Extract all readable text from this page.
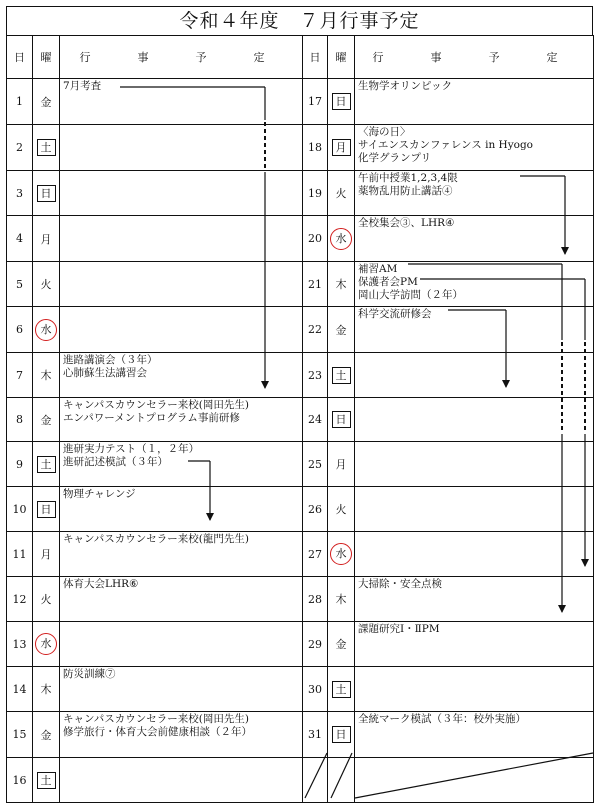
令和４年度　７月行事予定
日	曜	行　事　予　定	日	曜	行　事　予　定
1	金	7月考査	17	日	生物学オリンピック

2	土		18	月	〈海の日〉
サイエンスカンファレンス in Hyogo
化学グランプリ

3	日		19	火	午前中授業1,2,3,4限
薬物乱用防止講話④

4	月		20	水	全校集会③、LHR④

5	火		21	木	補習AM
保護者会PM
岡山大学訪問（２年）

6	水		22	金	科学交流研修会

7	木	進路講演会（３年）
心肺蘇生法講習会	23	土	
8	金	キャンパスカウンセラー来校(岡田先生)
エンパワーメントプログラム事前研修	24	日	
9	土	進研実力テスト（１，２年）
進研記述模試（３年）	25	月	
10	日	物理チャレンジ	26	火	
11	月	キャンパスカウンセラー来校(龍門先生)	27	水	
12	火	体育大会LHR⑥	28	木	大掃除・安全点検

13	水		29	金	課題研究Ⅰ・ⅡPM

14	木	防災訓練⑦	30	土	
15	金	キャンパスカウンセラー来校(岡田先生)
修学旅行・体育大会前健康相談（２年）	31	日	全統マーク模試（３年：校外実施）

16	土				
